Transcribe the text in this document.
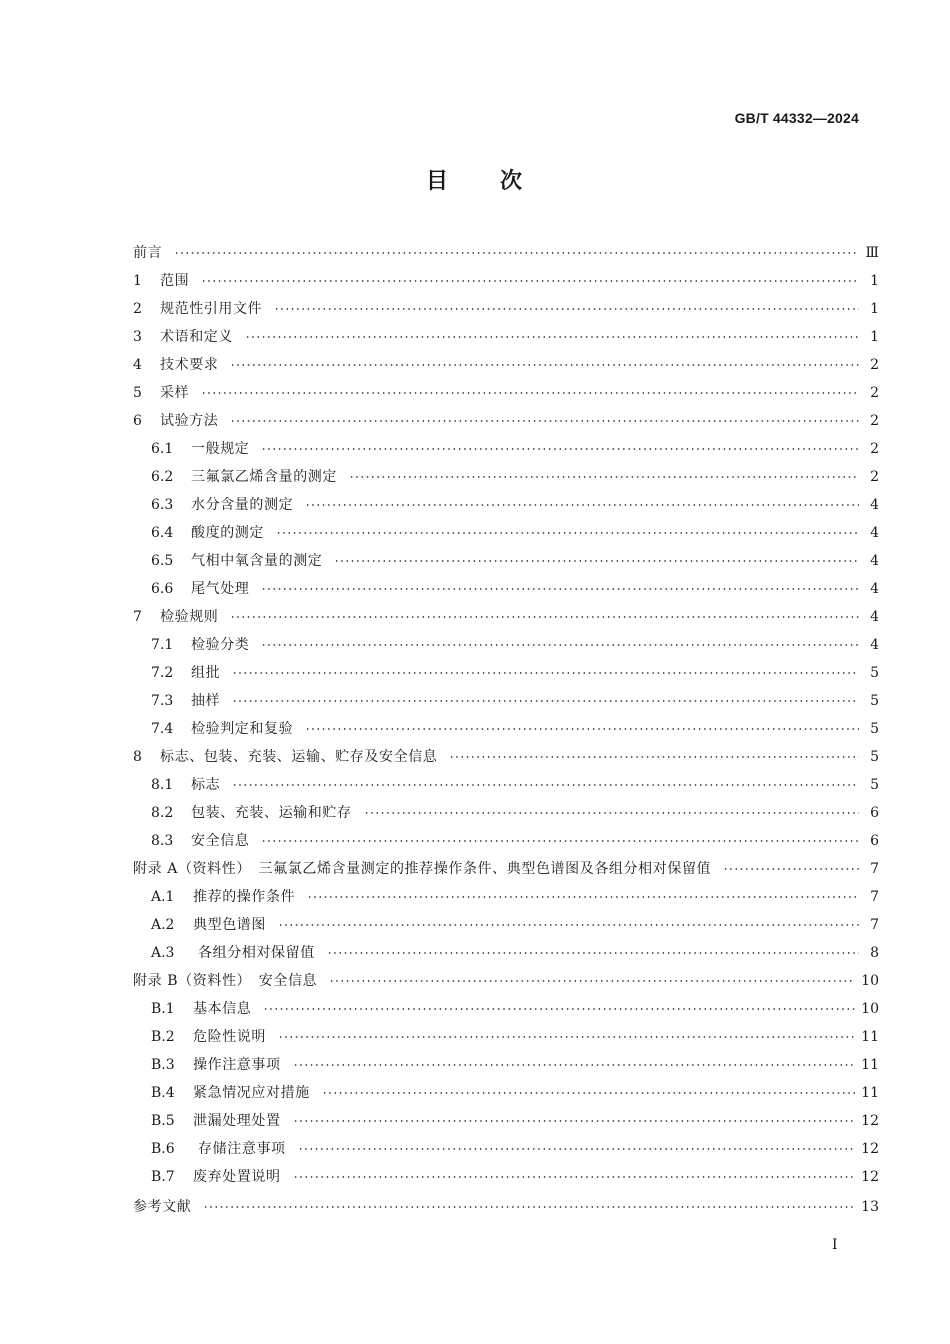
GB/T 44332—2024
目 次
前言	Ⅲ
1	范围	1
2	规范性引用文件	1
3	术语和定义	1
4	技术要求	2
5	采样	2
6	试验方法	2
6.1	一般规定	2
6.2	三氟氯乙烯含量的测定	2
6.3	水分含量的测定	4
6.4	酸度的测定	4
6.5	气相中氧含量的测定	4
6.6	尾气处理	4
7	检验规则	4
7.1	检验分类	4
7.2	组批	5
7.3	抽样	5
7.4	检验判定和复验	5
8	标志、包装、充装、运输、贮存及安全信息	5
8.1	标志	5
8.2	包装、充装、运输和贮存	6
8.3	安全信息	6
附录 A（资料性）　三氟氯乙烯含量测定的推荐操作条件、典型色谱图及各组分相对保留值	7
A.1	推荐的操作条件	7
A.2	典型色谱图	7
A.3	各组分相对保留值	8
附录 B（资料性）　安全信息	10
B.1	基本信息	10
B.2	危险性说明	11
B.3	操作注意事项	11
B.4	紧急情况应对措施	11
B.5	泄漏处理处置	12
B.6	存储注意事项	12
B.7	废弃处置说明	12
参考文献	13
I
